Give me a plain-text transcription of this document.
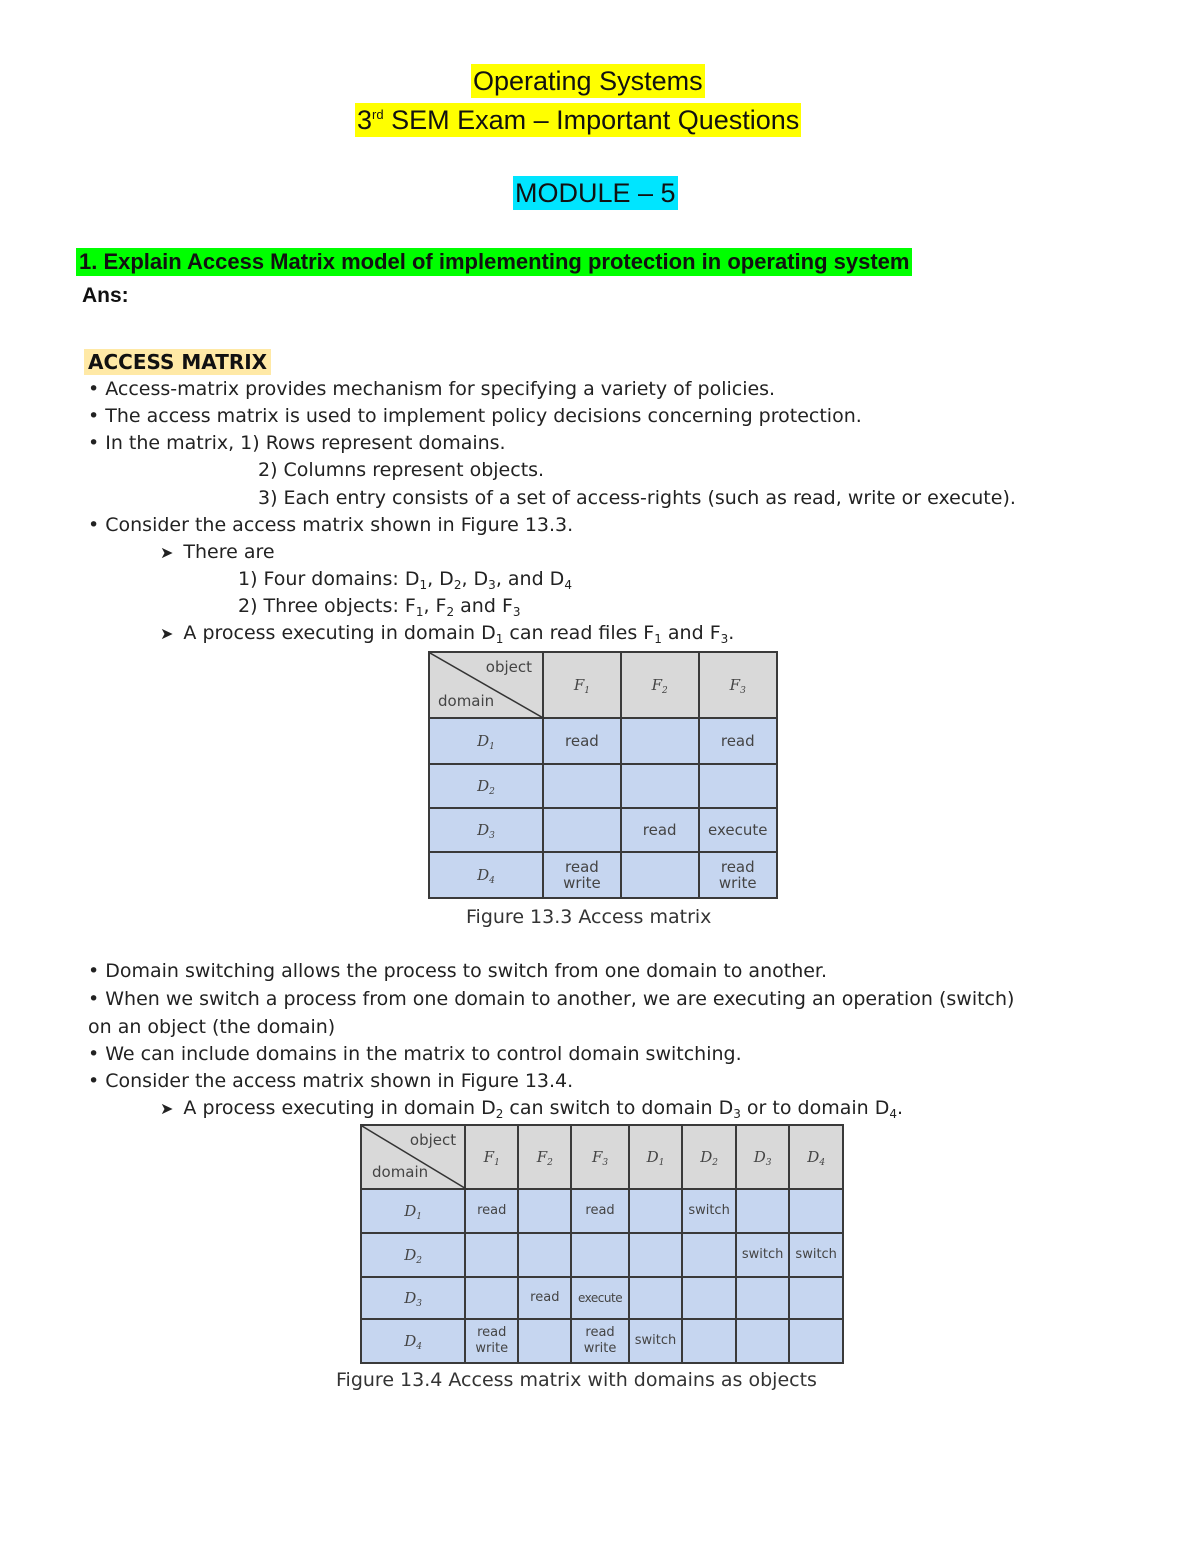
Operating Systems
3rd SEM Exam – Important Questions
MODULE – 5
1. Explain Access Matrix model of implementing protection in operating system
Ans:
ACCESS MATRIX
• Access-matrix provides mechanism for specifying a variety of policies.
• The access matrix is used to implement policy decisions concerning protection.
• In the matrix, 1) Rows represent domains.
2) Columns represent objects.
3) Each entry consists of a set of access-rights (such as read, write or execute).
• Consider the access matrix shown in Figure 13.3.
➤ There are
1) Four domains: $D_1$, $D_2$, $D_3$, and $D_4$
2) Three objects: $F_1$, $F_2$ and $F_3$
➤ A process executing in domain $D_1$ can read files $F_1$ and $F_3$.
object
domain	$F_1$	$F_2$	$F_3$
$D_1$	read		read
$D_2$			
$D_3$		read	execute
$D_4$	read write		read write
Figure 13.3 Access matrix
• Domain switching allows the process to switch from one domain to another.
• When we switch a process from one domain to another, we are executing an operation (switch)
on an object (the domain)
• We can include domains in the matrix to control domain switching.
• Consider the access matrix shown in Figure 13.4.
➤ A process executing in domain $D_2$ can switch to domain $D_3$ or to domain $D_4$.
object
domain	$F_1$	$F_2$	$F_3$	$D_1$	$D_2$	$D_3$	$D_4$
$D_1$	read		read		switch		
$D_2$						switch	switch
$D_3$		read	execute				
$D_4$	read write		read write	switch			
Figure 13.4 Access matrix with domains as objects
